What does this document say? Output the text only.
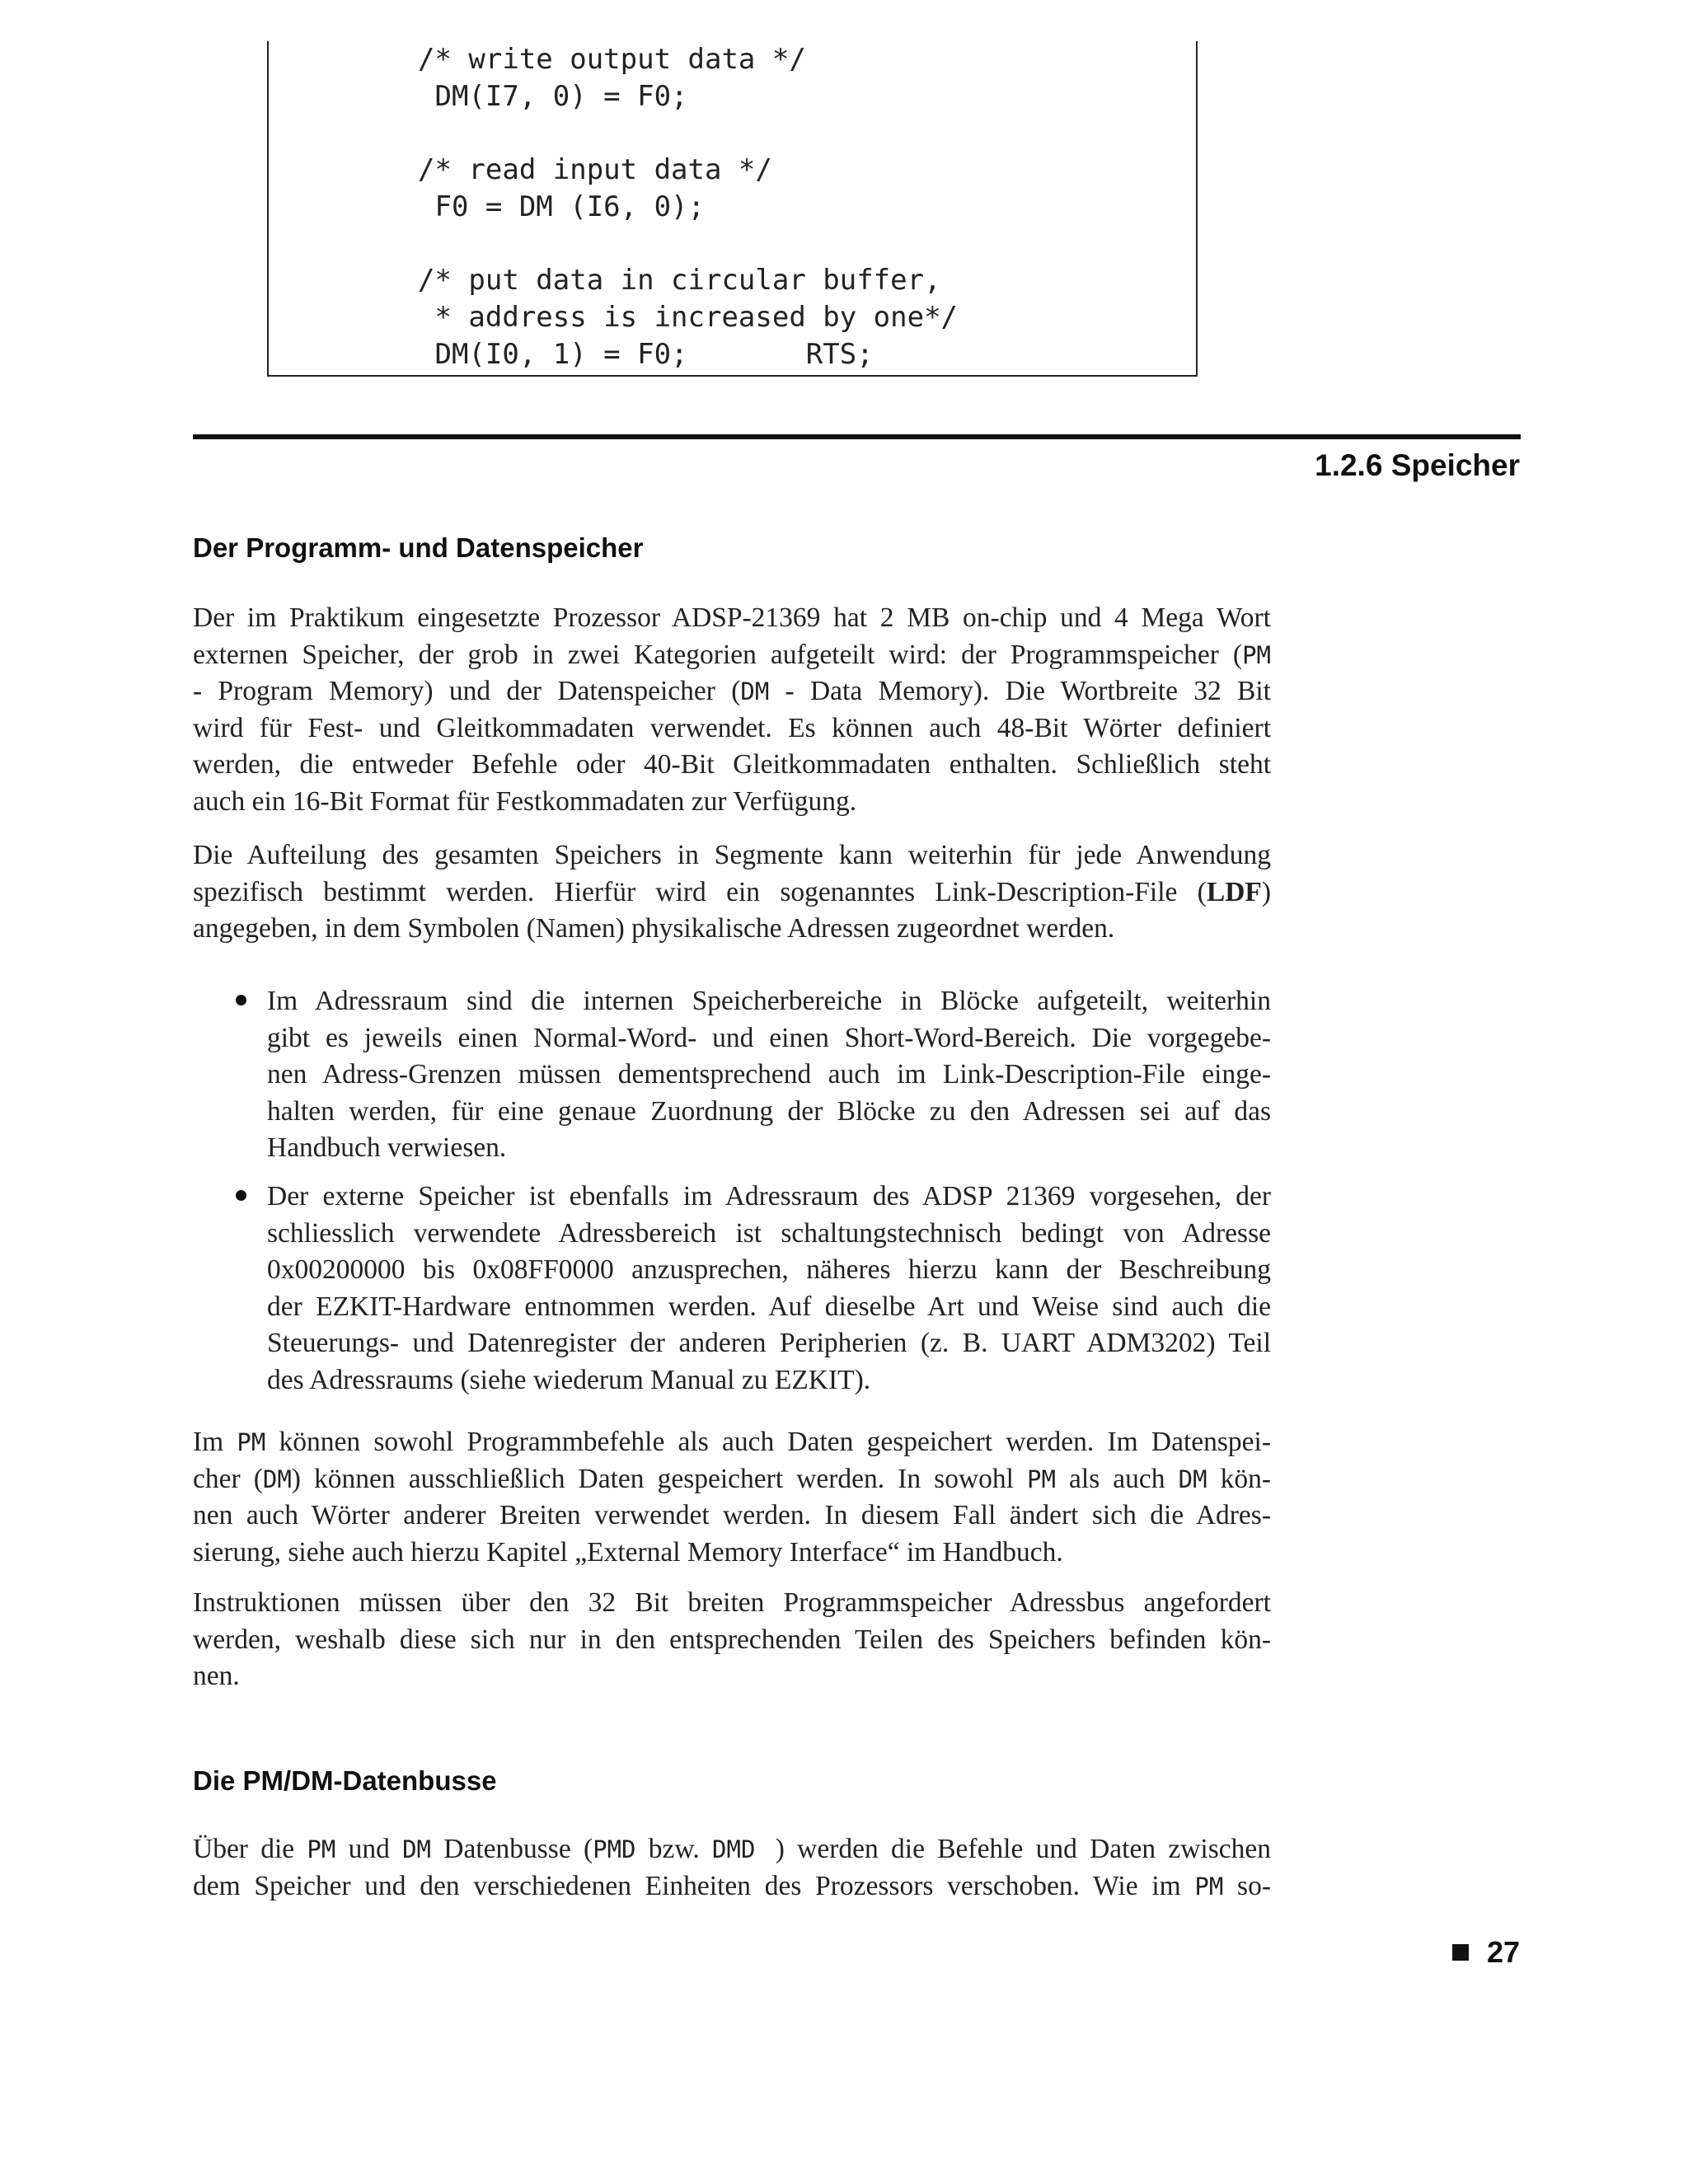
/* write output data */
DM(I7, 0) = F0;
/* read input data */
F0 = DM (I6, 0);
/* put data in circular buffer,
* address is increased by one*/
DM(I0, 1) = F0;       RTS;
1.2.6 Speicher
Der Programm- und Datenspeicher
Der im Praktikum eingesetzte Prozessor ADSP-21369 hat 2 MB on-chip und 4 Mega Wort
externen Speicher, der grob in zwei Kategorien aufgeteilt wird: der Programmspeicher (PM
- Program Memory) und der Datenspeicher (DM - Data Memory). Die Wortbreite 32 Bit
wird für Fest- und Gleitkommadaten verwendet. Es können auch 48-Bit Wörter definiert
werden, die entweder Befehle oder 40-Bit Gleitkommadaten enthalten. Schließlich steht
auch ein 16-Bit Format für Festkommadaten zur Verfügung.
Die Aufteilung des gesamten Speichers in Segmente kann weiterhin für jede Anwendung
spezifisch bestimmt werden. Hierfür wird ein sogenanntes Link-Description-File (LDF)
angegeben, in dem Symbolen (Namen) physikalische Adressen zugeordnet werden.
Im Adressraum sind die internen Speicherbereiche in Blöcke aufgeteilt, weiterhin
gibt es jeweils einen Normal-Word- und einen Short-Word-Bereich. Die vorgegebe-
nen Adress-Grenzen müssen dementsprechend auch im Link-Description-File einge-
halten werden, für eine genaue Zuordnung der Blöcke zu den Adressen sei auf das
Handbuch verwiesen.
Der externe Speicher ist ebenfalls im Adressraum des ADSP 21369 vorgesehen, der
schliesslich verwendete Adressbereich ist schaltungstechnisch bedingt von Adresse
0x00200000 bis 0x08FF0000 anzusprechen, näheres hierzu kann der Beschreibung
der EZKIT-Hardware entnommen werden. Auf dieselbe Art und Weise sind auch die
Steuerungs- und Datenregister der anderen Peripherien (z. B. UART ADM3202) Teil
des Adressraums (siehe wiederum Manual zu EZKIT).
Im PM können sowohl Programmbefehle als auch Daten gespeichert werden. Im Datenspei-
cher (DM) können ausschließlich Daten gespeichert werden. In sowohl PM als auch DM kön-
nen auch Wörter anderer Breiten verwendet werden. In diesem Fall ändert sich die Adres-
sierung, siehe auch hierzu Kapitel „External Memory Interface“ im Handbuch.
Instruktionen müssen über den 32 Bit breiten Programmspeicher Adressbus angefordert
werden, weshalb diese sich nur in den entsprechenden Teilen des Speichers befinden kön-
nen.
Die PM/DM-Datenbusse
Über die PM und DM Datenbusse (PMD bzw. DMD ) werden die Befehle und Daten zwischen
dem Speicher und den verschiedenen Einheiten des Prozessors verschoben. Wie im PM so-
27
